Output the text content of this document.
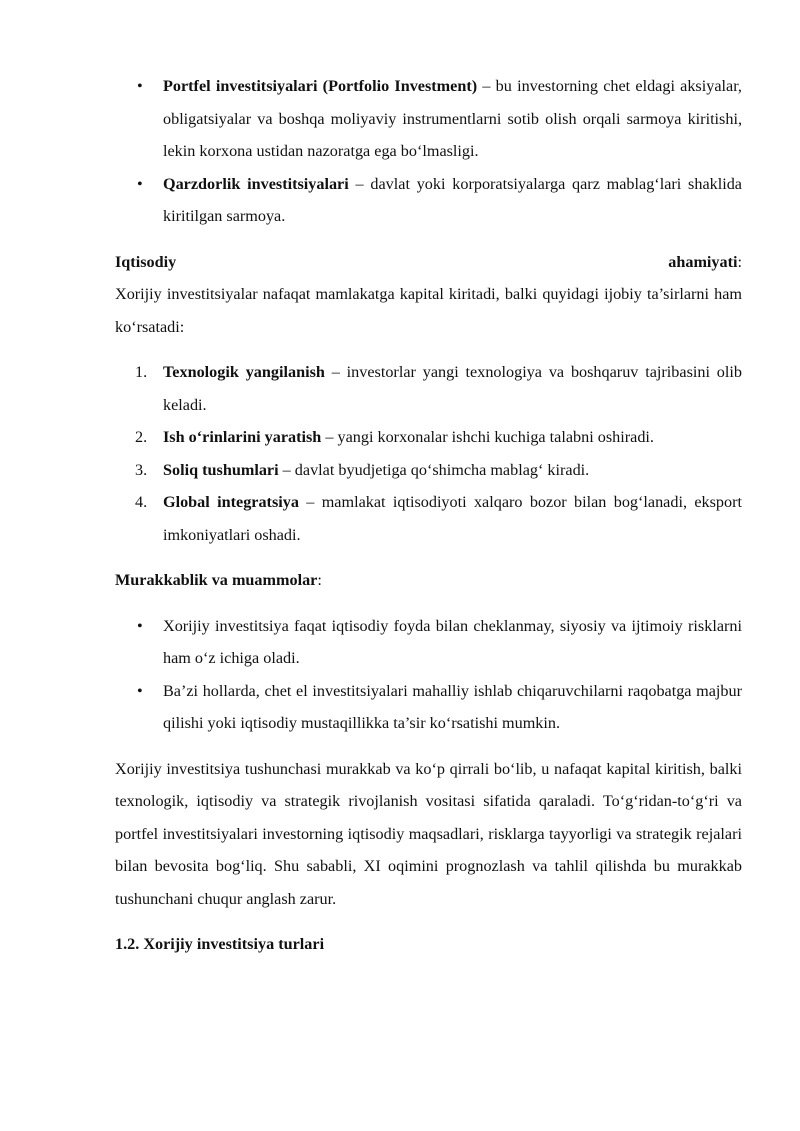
• Portfel investitsiyalari (Portfolio Investment) – bu investorning chet eldagi aksiyalar, obligatsiyalar va boshqa moliyaviy instrumentlarni sotib olish orqali sarmoya kiritishi, lekin korxona ustidan nazoratga ega boʻlmasligi.
• Qarzdorlik investitsiyalari – davlat yoki korporatsiyalarga qarz mablagʻlari shaklida kiritilgan sarmoya.
Iqtisodiy	ahamiyati:

Xorijiy investitsiyalar nafaqat mamlakatga kapital kiritadi, balki quyidagi ijobiy ta’sirlarni ham koʻrsatadi:

1. Texnologik yangilanish – investorlar yangi texnologiya va boshqaruv tajribasini olib keladi.
2. Ish oʻrinlarini yaratish – yangi korxonalar ishchi kuchiga talabni oshiradi.
3. Soliq tushumlari – davlat byudjetiga qoʻshimcha mablagʻ kiradi.
4. Global integratsiya – mamlakat iqtisodiyoti xalqaro bozor bilan bogʻlanadi, eksport imkoniyatlari oshadi.

Murakkablik va muammolar:

• Xorijiy investitsiya faqat iqtisodiy foyda bilan cheklanmay, siyosiy va ijtimoiy risklarni ham oʻz ichiga oladi.
• Ba’zi hollarda, chet el investitsiyalari mahalliy ishlab chiqaruvchilarni raqobatga majbur qilishi yoki iqtisodiy mustaqillikka ta’sir koʻrsatishi mumkin.

Xorijiy investitsiya tushunchasi murakkab va koʻp qirrali boʻlib, u nafaqat kapital kiritish, balki texnologik, iqtisodiy va strategik rivojlanish vositasi sifatida qaraladi. Toʻgʻridan-toʻgʻri va portfel investitsiyalari investorning iqtisodiy maqsadlari, risklarga tayyorligi va strategik rejalari bilan bevosita bogʻliq. Shu sababli, XI oqimini prognozlash va tahlil qilishda bu murakkab tushunchani chuqur anglash zarur.

1.2. Xorijiy investitsiya turlari
